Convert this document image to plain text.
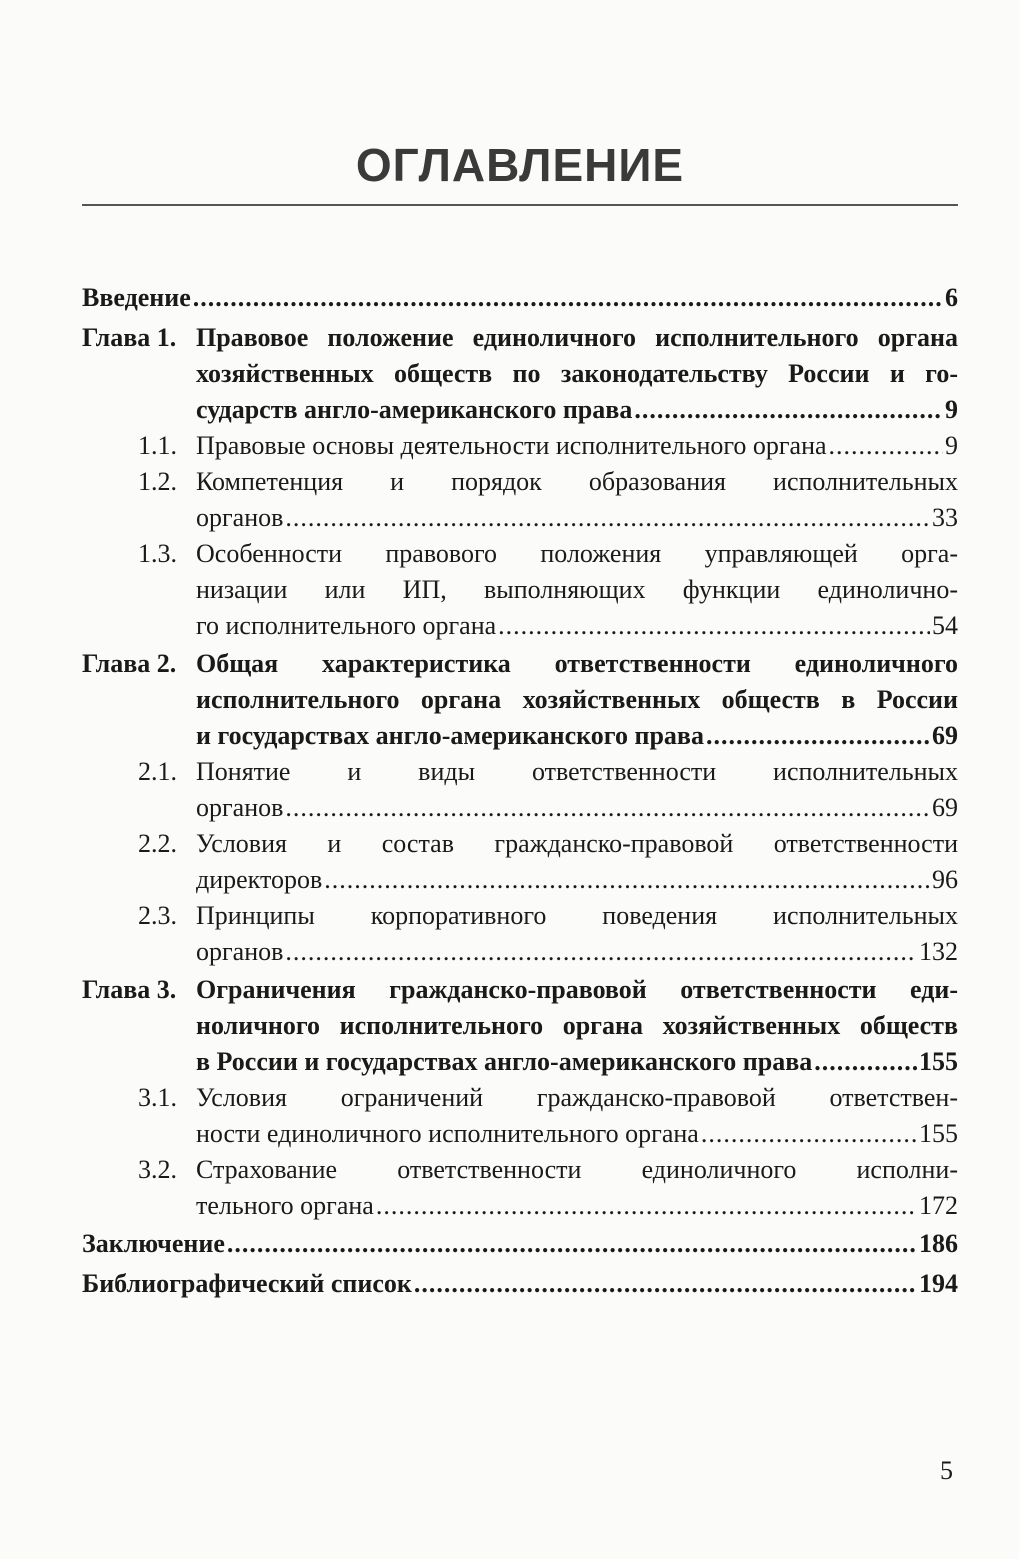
ОГЛАВЛЕНИЕ
Введение .....	6
Глава 1. Правовое положение единоличного исполнительного органа
хозяйственных обществ по законодательству России и го-
сударств англо-американского права .....	9
1.1. Правовые основы деятельности исполнительного органа .....	9
1.2. Компетенция и порядок образования исполнительных
органов .....	33
1.3. Особенности правового положения управляющей орга-
низации или ИП, выполняющих функции единолично-
го исполнительного органа .....	54
Глава 2. Общая характеристика ответственности единоличного
исполнительного органа хозяйственных обществ в России
и государствах англо-американского права .....	69
2.1. Понятие и виды ответственности исполнительных
органов .....	69
2.2. Условия и состав гражданско-правовой ответственности
директоров .....	96
2.3. Принципы корпоративного поведения исполнительных
органов .....	132
Глава 3. Ограничения гражданско-правовой ответственности еди-
ноличного исполнительного органа хозяйственных обществ
в России и государствах англо-американского права .....	155
3.1. Условия ограничений гражданско-правовой ответствен-
ности единоличного исполнительного органа .....	155
3.2. Страхование ответственности единоличного исполни-
тельного органа .....	172
Заключение .....	186
Библиографический список .....	194
5
